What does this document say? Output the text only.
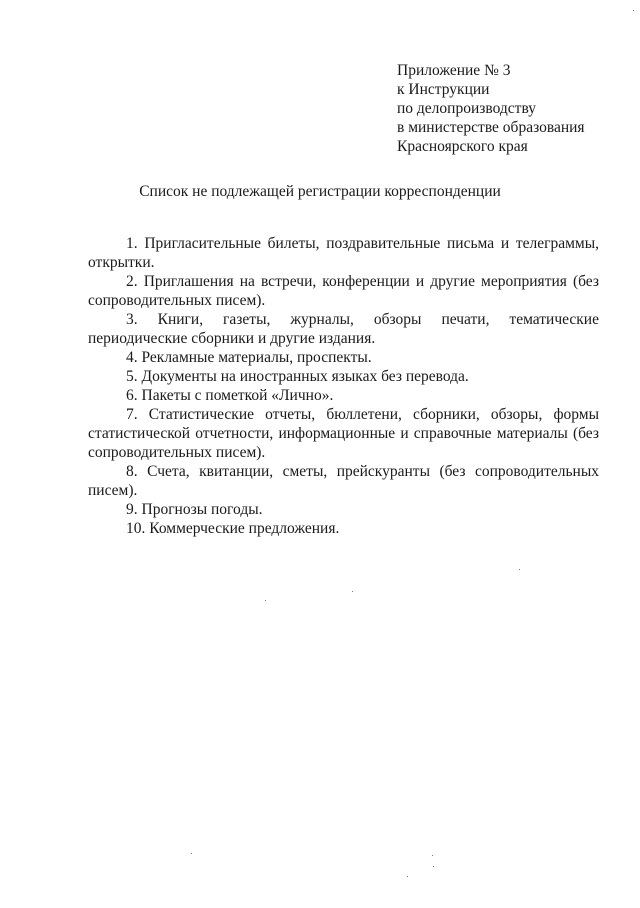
Приложение № 3
к Инструкции
по делопроизводству
в министерстве образования
Красноярского края
Список не подлежащей регистрации корреспонденции

1. Пригласительные билеты, поздравительные письма и телеграммы, открытки.

2. Приглашения на встречи, конференции и другие мероприятия (без сопроводительных писем).

3. Книги, газеты, журналы, обзоры печати, тематические периодические сборники и другие издания.

4. Рекламные материалы, проспекты.

5. Документы на иностранных языках без перевода.

6. Пакеты с пометкой «Лично».

7. Статистические отчеты, бюллетени, сборники, обзоры, формы статистической отчетности, информационные и справочные материалы (без сопроводительных писем).

8. Счета, квитанции, сметы, прейскуранты (без сопроводительных писем).

9. Прогнозы погоды.

10. Коммерческие предложения.
